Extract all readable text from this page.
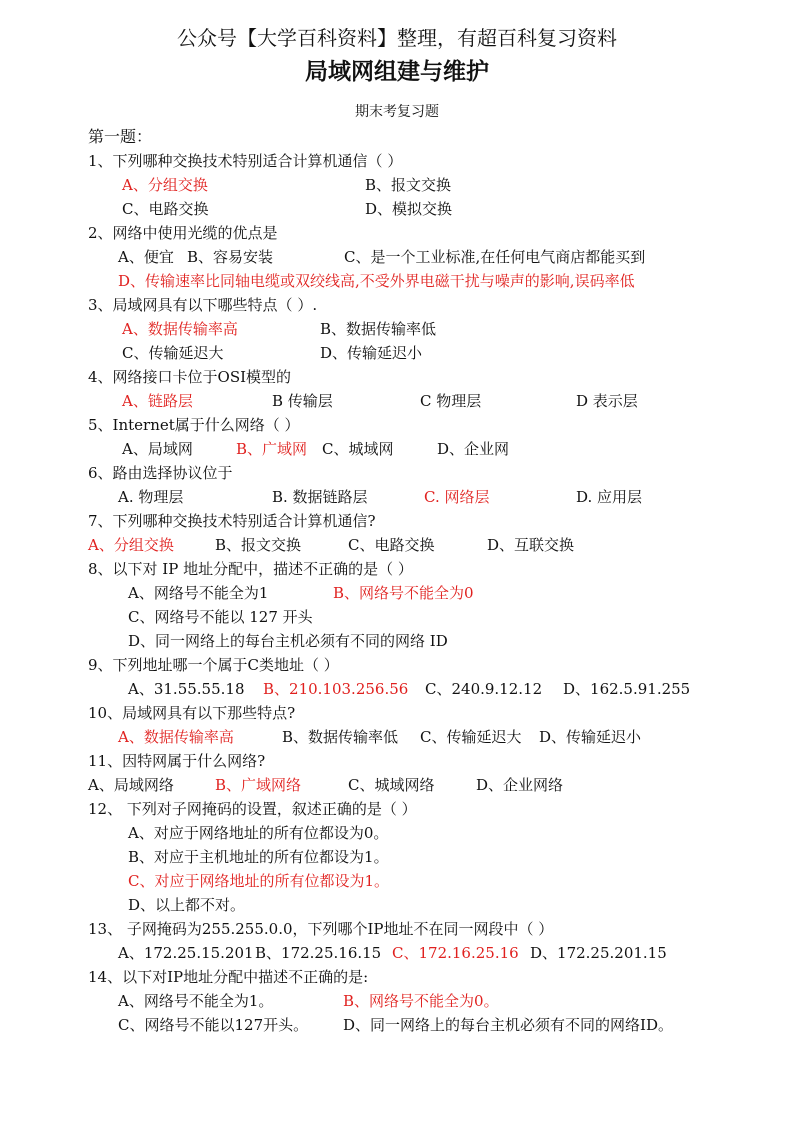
公众号【大学百科资料】整理，有超百科复习资料
局域网组建与维护
期末考复习题
第一题：
1、下列哪种交换技术特别适合计算机通信（ ）
A、分组交换	B、报文交换
C、电路交换	D、模拟交换
2、网络中使用光缆的优点是
A、便宜 B、容易安装	C、是一个工业标准,在任何电气商店都能买到
D、传输速率比同轴电缆或双绞线高,不受外界电磁干扰与噪声的影响,误码率低
3、局域网具有以下哪些特点（ ）.
A、数据传输率高	B、数据传输率低
C、传输延迟大	D、传输延迟小
4、网络接口卡位于OSI模型的
A、链路层	B 传输层	C 物理层	D 表示层
5、Internet属于什么网络（ ）
A、局域网	B、广域网 C、城域网	D、企业网
6、路由选择协议位于
A. 物理层	B. 数据链路层	C. 网络层	D. 应用层
7、下列哪种交换技术特别适合计算机通信?
A、分组交换	B、报文交换	C、电路交换	D、互联交换
8、以下对 IP 地址分配中，描述不正确的是（ ）
A、网络号不能全为1	B、网络号不能全为0
C、网络号不能以 127 开头
D、同一网络上的每台主机必须有不同的网络 ID
9、下列地址哪一个属于C类地址（ ）
A、31.55.55.18 B、210.103.256.56 C、240.9.12.12 D、162.5.91.255
10、局域网具有以下那些特点?
A、数据传输率高	B、数据传输率低 C、传输延迟大 D、传输延迟小
11、因特网属于什么网络?
A、局域网络	B、广域网络	C、城域网络	D、企业网络
12、 下列对子网掩码的设置，叙述正确的是（ ）
A、对应于网络地址的所有位都设为0。
B、对应于主机地址的所有位都设为1。
C、对应于网络地址的所有位都设为1。
D、以上都不对。
13、 子网掩码为255.255.0.0，下列哪个IP地址不在同一网段中（ ）
A、172.25.15.201 B、172.25.16.15 C、172.16.25.16 D、172.25.201.15
14、以下对IP地址分配中描述不正确的是:
A、网络号不能全为1。	B、网络号不能全为0。
C、网络号不能以127开头。 D、同一网络上的每台主机必须有不同的网络ID。
